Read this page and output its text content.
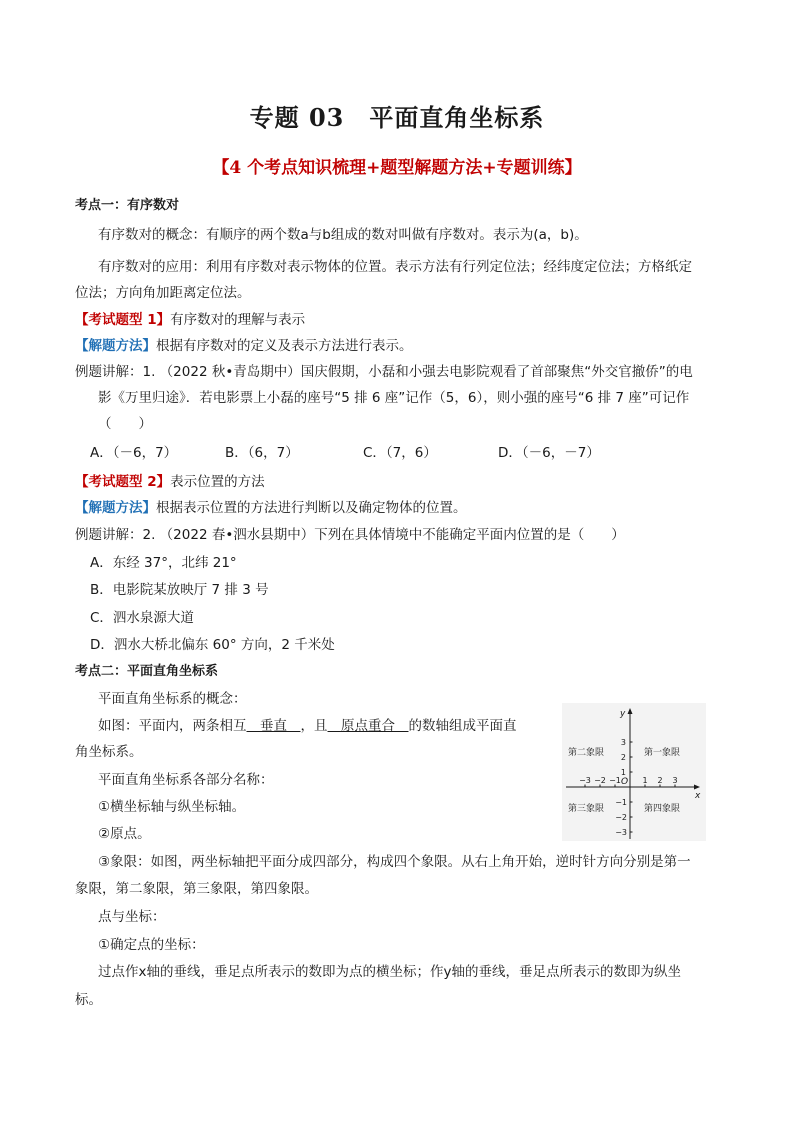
专题 03　平面直角坐标系
【4 个考点知识梳理+题型解题方法+专题训练】
考点一：有序数对
有序数对的概念：有顺序的两个数a与b组成的数对叫做有序数对。表示为(a，b)。
有序数对的应用：利用有序数对表示物体的位置。表示方法有行列定位法；经纬度定位法；方格纸定
位法；方向角加距离定位法。
【考试题型 1】有序数对的理解与表示
【解题方法】根据有序数对的定义及表示方法进行表示。
例题讲解：1. （2022 秋•青岛期中）国庆假期，小磊和小强去电影院观看了首部聚焦“外交官撤侨”的电
影《万里归途》．若电影票上小磊的座号“5 排 6 座”记作（5，6），则小强的座号“6 排 7 座”可记作
（　　）
A．（－6，7）	B．（6，7）	C．（7，6）	D．（－6，－7）
【考试题型 2】表示位置的方法
【解题方法】根据表示位置的方法进行判断以及确定物体的位置。
例题讲解：2. （2022 春•泗水县期中）下列在具体情境中不能确定平面内位置的是（　　）
A．东经 37°，北纬 21°
B．电影院某放映厅 7 排 3 号
C．泗水泉源大道
D．泗水大桥北偏东 60° 方向，2 千米处
考点二：平面直角坐标系
平面直角坐标系的概念：
如图：平面内，两条相互  垂直  ，且  原点重合  的数轴组成平面直
角坐标系。
平面直角坐标系各部分名称：
①横坐标轴与纵坐标轴。
②原点。
③象限：如图，两坐标轴把平面分成四部分，构成四个象限。从右上角开始，逆时针方向分别是第一
象限，第二象限，第三象限，第四象限。
点与坐标：
①确定点的坐标：
过点作x轴的垂线，垂足点所表示的数即为点的横坐标；作y轴的垂线，垂足点所表示的数即为纵坐
标。
−3 −2 −1	1 2 3
3
2
1
−1
−2
−3
x
y
O
第二象限	第一象限
第三象限	第四象限
